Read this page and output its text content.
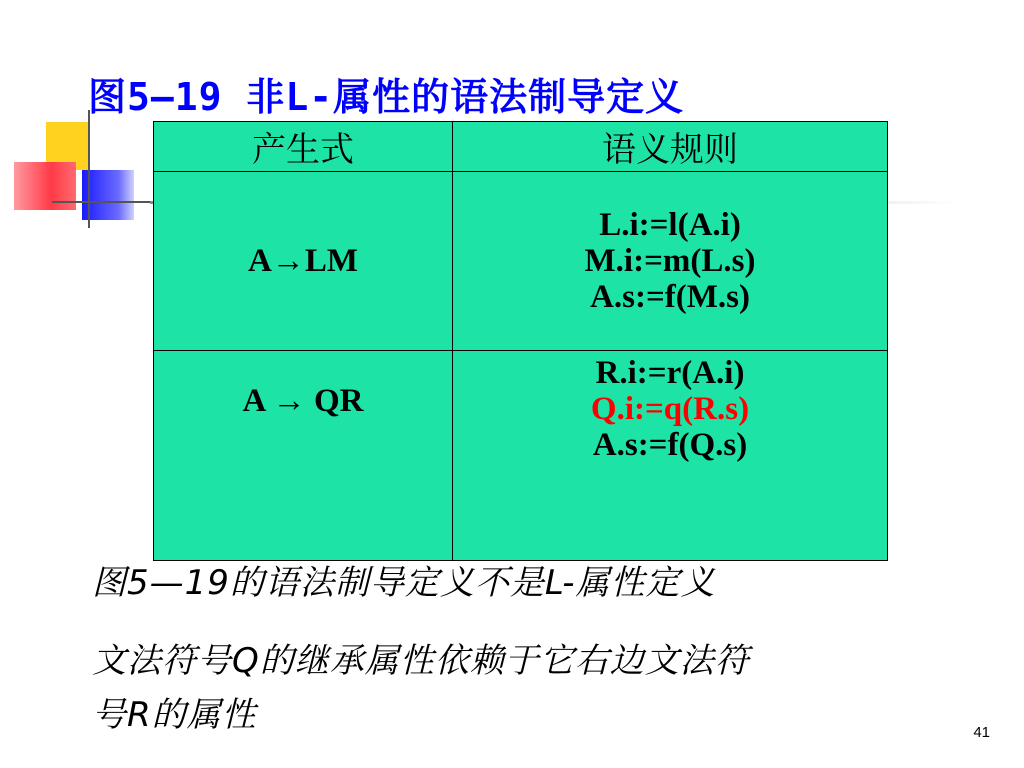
图5—19 非L-属性的语法制导定义
产生式	语义规则
A→LM	L.i:=l(A.i)
M.i:=m(L.s)
A.s:=f(M.s)

A → QR	R.i:=r(A.i)
Q.i:=q(R.s)
A.s:=f(Q.s)
图5—19的语法制导定义不是L-属性定义
文法符号Q的继承属性依赖于它右边文法符
号R的属性	41
